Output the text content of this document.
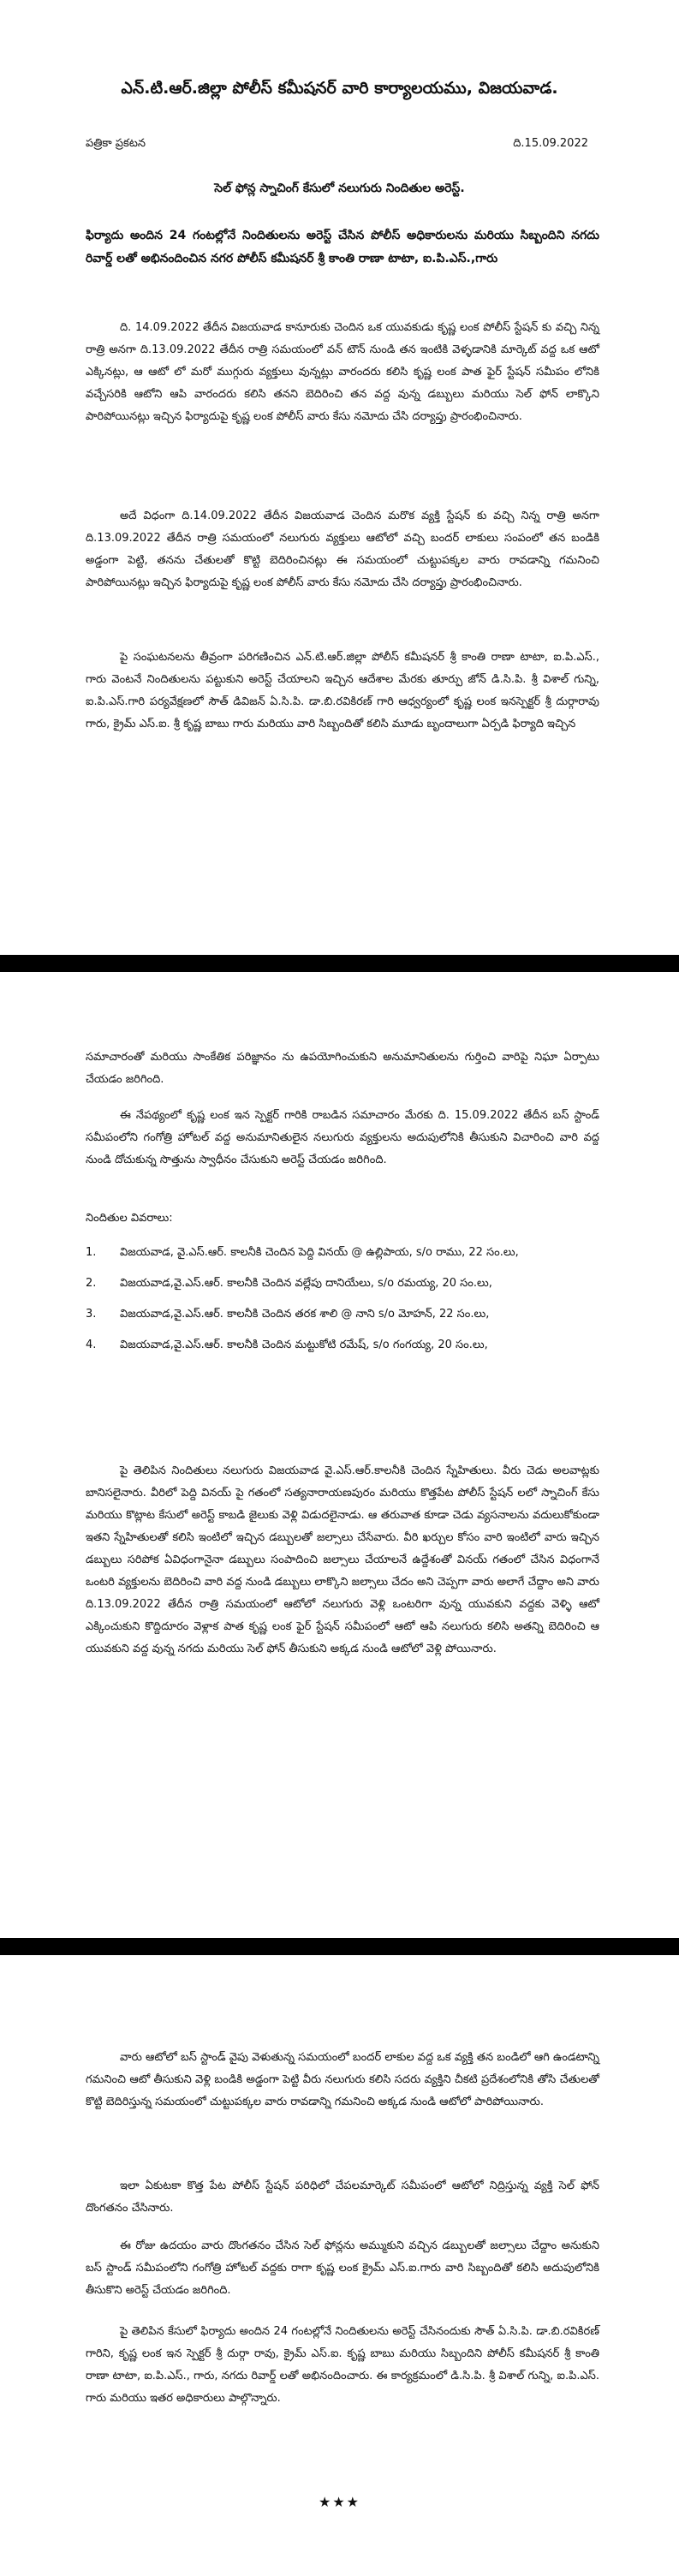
ఎన్.టి.ఆర్.జిల్లా పోలీస్ కమీషనర్ వారి కార్యాలయము, విజయవాడ.
పత్రికా ప్రకటన	ది.15.09.2022
సెల్ ఫోన్ల స్నాచింగ్ కేసులో నలుగురు నిందితుల అరెస్ట్.
ఫిర్యాదు అందిన 24 గంటల్లోనే నిందితులను అరెస్ట్ చేసిన పోలీస్ అధికారులను మరియు సిబ్బందిని నగదు రివార్డ్ లతో అభినందించిన నగర పోలీస్ కమీషనర్ శ్రీ కాంతి రాణా టాటా, ఐ.పి.ఎస్.,గారు
ది. 14.09.2022 తేదీన విజయవాడ కానూరుకు చెందిన ఒక యువకుడు కృష్ణ లంక పోలీస్ స్టేషన్ కు వచ్చి నిన్న రాత్రి అనగా ది.13.09.2022 తేదీన రాత్రి సమయంలో వన్ టౌన్ నుండి తన ఇంటికి వెళ్ళడానికి మార్కెట్ వద్ద ఒక ఆటో ఎక్కినట్లు, ఆ ఆటో లో మరో ముగ్గురు వ్యక్తులు వున్నట్లు వారందరు కలిసి కృష్ణ లంక పాత ఫైర్ స్టేషన్ సమీపం లోనికి వచ్చేసరికి ఆటోని ఆపి వారందరు కలిసి తనని బెదిరించి తన వద్ద వున్న డబ్బులు మరియు సెల్ ఫోన్ లాక్కొని పారిపోయినట్లు ఇచ్చిన ఫిర్యాదుపై కృష్ణ లంక పోలీస్ వారు కేసు నమోదు చేసి దర్యాప్తు ప్రారంభించినారు.
అదే విధంగా ది.14.09.2022 తేదీన విజయవాడ చెందిన మరొక వ్యక్తి స్టేషన్ కు వచ్చి నిన్న రాత్రి అనగా ది.13.09.2022 తేదీన రాత్రి సమయంలో నలుగురు వ్యక్తులు ఆటోలో వచ్చి బందర్ లాకులు సంపంలో తన బండికి అడ్డంగా పెట్టి, తనను చేతులతో కొట్టి బెదిరించినట్లు ఈ సమయంలో చుట్టుపక్కల వారు రావడాన్ని గమనించి పారిపోయినట్లు ఇచ్చిన ఫిర్యాదుపై కృష్ణ లంక పోలీస్ వారు కేసు నమోదు చేసి దర్యాప్తు ప్రారంభించినారు.
పై సంఘటనలను తీవ్రంగా పరిగణించిన ఎన్.టి.ఆర్.జిల్లా పోలీస్ కమీషనర్ శ్రీ కాంతి రాణా టాటా, ఐ.పి.ఎస్., గారు వెంటనే నిందితులను పట్టుకుని అరెస్ట్ చేయాలని ఇచ్చిన ఆదేశాల మేరకు తూర్పు జోన్ డి.సి.పి. శ్రీ విశాల్ గున్ని, ఐ.పి.ఎస్.గారి పర్యవేక్షణలో సౌత్ డివిజన్ ఏ.సి.పి. డా.బి.రవికిరణ్ గారి ఆధ్వర్యంలో కృష్ణ లంక ఇనస్పెక్టర్ శ్రీ దుర్గారావు గారు, క్రైమ్ ఎస్.ఐ. శ్రీ కృష్ణ బాబు గారు మరియు వారి సిబ్బందితో కలిసి మూడు బృందాలుగా ఏర్పడి ఫిర్యాది ఇచ్చిన
సమాచారంతో మరియు సాంకేతిక పరిజ్ఞానం ను ఉపయోగించుకుని అనుమానితులను గుర్తించి వారిపై నిఘా ఏర్పాటు చేయడం జరిగింది.
ఈ నేపథ్యంలో కృష్ణ లంక ఇన స్పెక్టర్ గారికి రాబడిన సమాచారం మేరకు ది. 15.09.2022 తేదీన బస్ స్టాండ్ సమీపంలోని గంగోత్రి హోటల్ వద్ద అనుమానితులైన నలుగురు వ్యక్తులను అదుపులోనికి తీసుకుని విచారించి వారి వద్ద నుండి దోచుకున్న సొత్తును స్వాధీనం చేసుకుని అరెస్ట్ చేయడం జరిగింది.
నిందితుల వివరాలు:
1.	విజయవాడ, వై.ఎస్.ఆర్. కాలనీకి చెందిన పెద్ది వినయ్ @ ఉల్లిపాయ, s/o రాము, 22 సం.లు,
2.	విజయవాడ,వై.ఎస్.ఆర్. కాలనీకి చెందిన వల్లేపు దానియేలు, s/o రమయ్య, 20 సం.లు,
3.	విజయవాడ,వై.ఎస్.ఆర్. కాలనీకి చెందిన తరక శాలి @ నాని s/o మోహన్, 22 సం.లు,
4.	విజయవాడ,వై.ఎస్.ఆర్. కాలనీకి చెందిన మట్టుకోటి రమేష్, s/o గంగయ్య, 20 సం.లు,
పై తెలిపిన నిందితులు నలుగురు విజయవాడ వై.ఎస్.ఆర్.కాలనీకి చెందిన స్నేహితులు. వీరు చెడు అలవాట్లకు బానిసలైనారు. వీరిలో పెద్ది వినయ్ పై గతంలో సత్యనారాయణపురం మరియు కొత్తపేట పోలీస్ స్టేషన్ లలో స్నాచింగ్ కేసు మరియు కొట్లాట కేసులో అరెస్ట్ కాబడి జైలుకు వెళ్లి విడుదలైనాడు. ఆ తరువాత కూడా చెడు వ్యసనాలను వదులుకోకుండా ఇతని స్నేహితులతో కలిసి ఇంటిలో ఇచ్చిన డబ్బులతో జల్సాలు చేసేవారు. వీరి ఖర్చుల కోసం వారి ఇంటిలో వారు ఇచ్చిన డబ్బులు సరిపోక ఏవిధంగానైనా డబ్బులు సంపాదించి జల్సాలు చేయాలనే ఉద్దేశంతో వినయ్ గతంలో చేసిన విధంగానే ఒంటరి వ్యక్తులను బెదిరించి వారి వద్ద నుండి డబ్బులు లాక్కొని జల్సాలు చేదం అని చెప్పగా వారు అలాగే చేద్దాం అని వారు ది.13.09.2022 తేదీన రాత్రి సమయంలో ఆటోలో నలుగురు వెళ్లి ఒంటరిగా వున్న యువకుని వద్దకు వెళ్ళి ఆటో ఎక్కించుకుని కొద్దిదూరం వెళ్లాక పాత కృష్ణ లంక ఫైర్ స్టేషన్ సమీపంలో ఆటో ఆపి నలుగురు కలిసి అతన్ని బెదిరించి ఆ యువకుని వద్ద వున్న నగదు మరియు సెల్ ఫోన్ తీసుకుని అక్కడ నుండి ఆటోలో వెళ్లి పోయినారు.
వారు ఆటోలో బస్ స్టాండ్ వైపు వెళుతున్న సమయంలో బందర్ లాకుల వద్ద ఒక వ్యక్తి తన బండిలో ఆగి ఉండటాన్ని గమనించి ఆటో తీసుకుని వెళ్లి బండికి అడ్డంగా పెట్టి వీరు నలుగురు కలిసి సదరు వ్యక్తిని చీకటి ప్రదేశంలోనికి తోసి చేతులతో కొట్టి బెదిరిస్తున్న సమయంలో చుట్టుపక్కల వారు రావడాన్ని గమనించి అక్కడ నుండి ఆటోలో పారిపోయినారు.
ఇలా ఏకుటకా కొత్త పేట పోలీస్ స్టేషన్ పరిధిలో చేపలమార్కెట్ సమీపంలో ఆటోలో నిద్రిస్తున్న వ్యక్తి సెల్ ఫోన్ దొంగతనం చేసినారు.
ఈ రోజు ఉదయం వారు దొంగతనం చేసిన సెల్ ఫోన్లను అమ్ముకుని వచ్చిన డబ్బులతో జల్సాలు చేద్దాం అనుకుని బస్ స్టాండ్ సమీపంలోని గంగోత్రి హోటల్ వద్దకు రాగా కృష్ణ లంక క్రైమ్ ఎస్.ఐ.గారు వారి సిబ్బందితో కలిసి అదుపులోనికి తీసుకొని అరెస్ట్ చేయడం జరిగింది.
పై తెలిపిన కేసులో ఫిర్యాదు అందిన 24 గంటల్లోనే నిందితులను అరెస్ట్ చేసినందుకు సౌత్ ఏ.సి.పి. డా.బి.రవికిరణ్ గారిని, కృష్ణ లంక ఇన స్పెక్టర్ శ్రీ దుర్గా రావు, క్రైమ్ ఎస్.ఐ. కృష్ణ బాబు మరియు సిబ్బందిని పోలీస్ కమీషనర్ శ్రీ కాంతి రాణా టాటా, ఐ.పి.ఎస్., గారు, నగదు రివార్డ్ లతో అభినందించారు. ఈ కార్యక్రమంలో డి.సి.పి. శ్రీ విశాల్ గున్ని, ఐ.పి.ఎస్. గారు మరియు ఇతర అధికారులు పాల్గొన్నారు.
★★★
